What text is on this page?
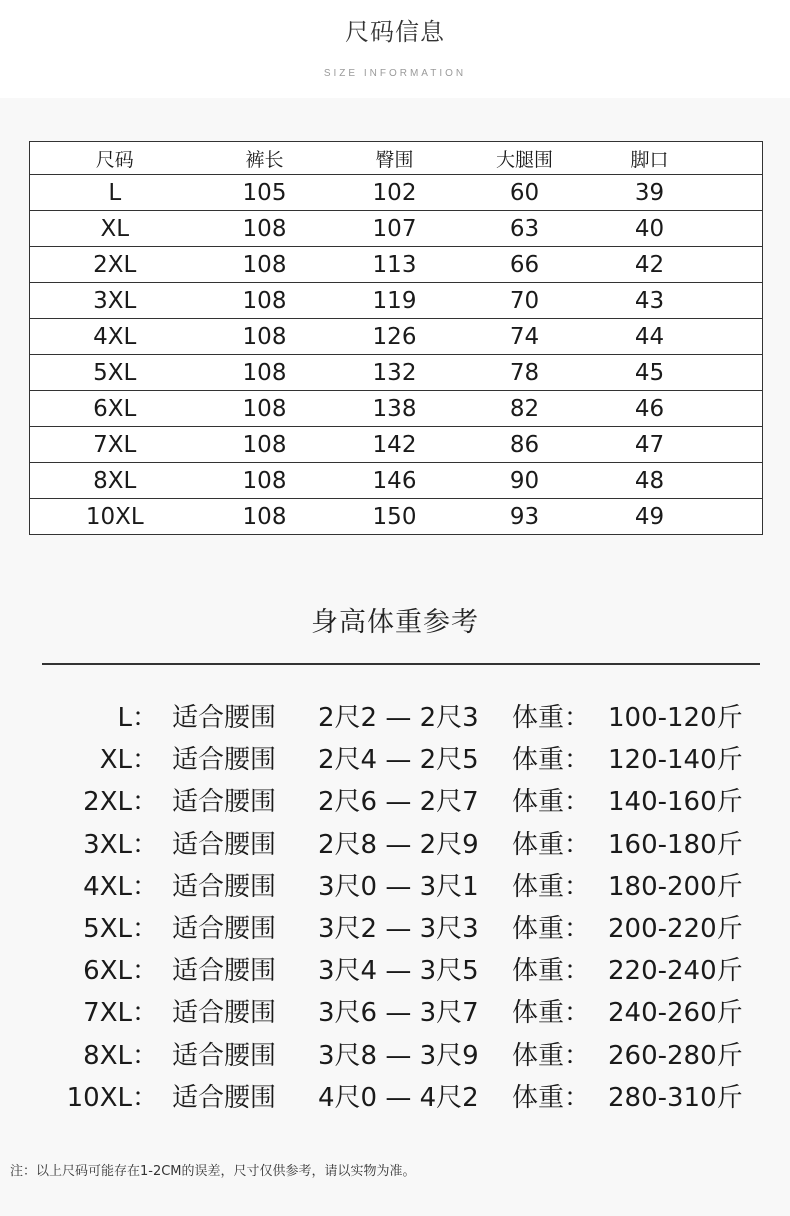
尺码信息
SIZE INFORMATION
尺码	裤长	臀围	大腿围	脚口	
L	105	102	60	39	
XL	108	107	63	40	
2XL	108	113	66	42	
3XL	108	119	70	43	
4XL	108	126	74	44	
5XL	108	132	78	45	
6XL	108	138	82	46	
7XL	108	142	86	47	
8XL	108	146	90	48	
10XL	108	150	93	49	
身高体重参考
L： 适合腰围 2尺2 — 2尺3 体重： 100-120斤
XL： 适合腰围 2尺4 — 2尺5 体重： 120-140斤
2XL： 适合腰围 2尺6 — 2尺7 体重： 140-160斤
3XL： 适合腰围 2尺8 — 2尺9 体重： 160-180斤
4XL： 适合腰围 3尺0 — 3尺1 体重： 180-200斤
5XL： 适合腰围 3尺2 — 3尺3 体重： 200-220斤
6XL： 适合腰围 3尺4 — 3尺5 体重： 220-240斤
7XL： 适合腰围 3尺6 — 3尺7 体重： 240-260斤
8XL： 适合腰围 3尺8 — 3尺9 体重： 260-280斤
10XL： 适合腰围 4尺0 — 4尺2 体重： 280-310斤
注：以上尺码可能存在1-2CM的误差，尺寸仅供参考，请以实物为准。
